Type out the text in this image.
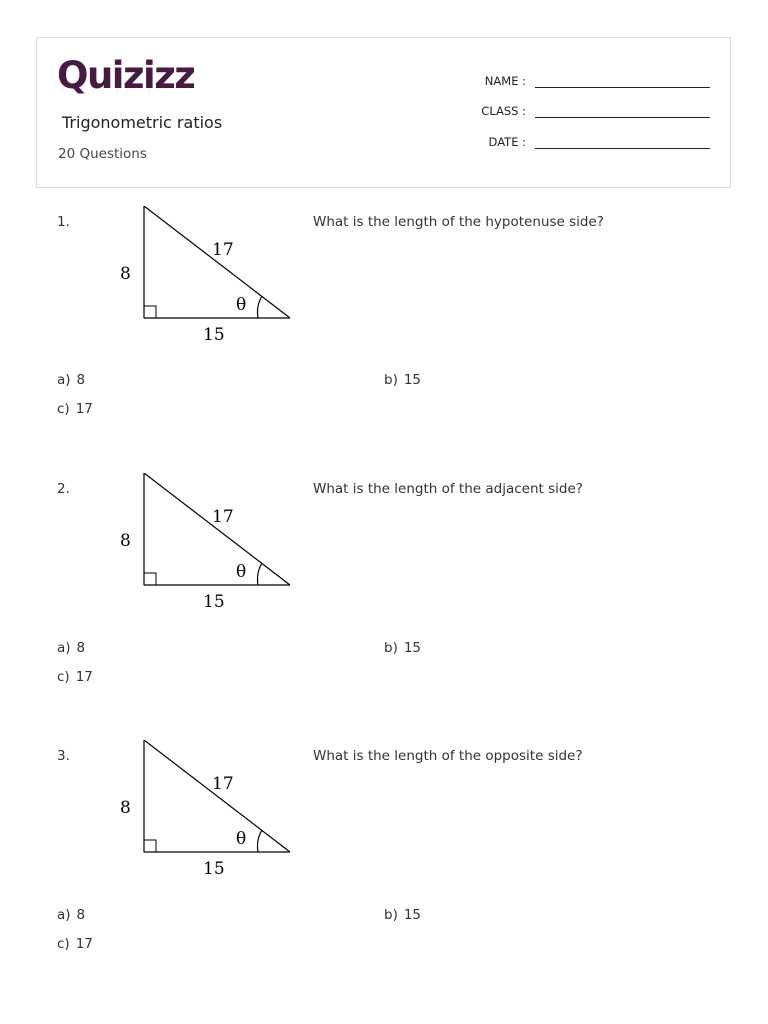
Quizizz
Trigonometric ratios
20 Questions
NAME :
CLASS :
DATE :
1.
8
17
15
θ
What is the length of the hypotenuse side?
a) 8	b) 15
c) 17
2.
8
17
15
θ
What is the length of the adjacent side?
a) 8	b) 15
c) 17
3.
8
17
15
θ
What is the length of the opposite side?
a) 8	b) 15
c) 17
